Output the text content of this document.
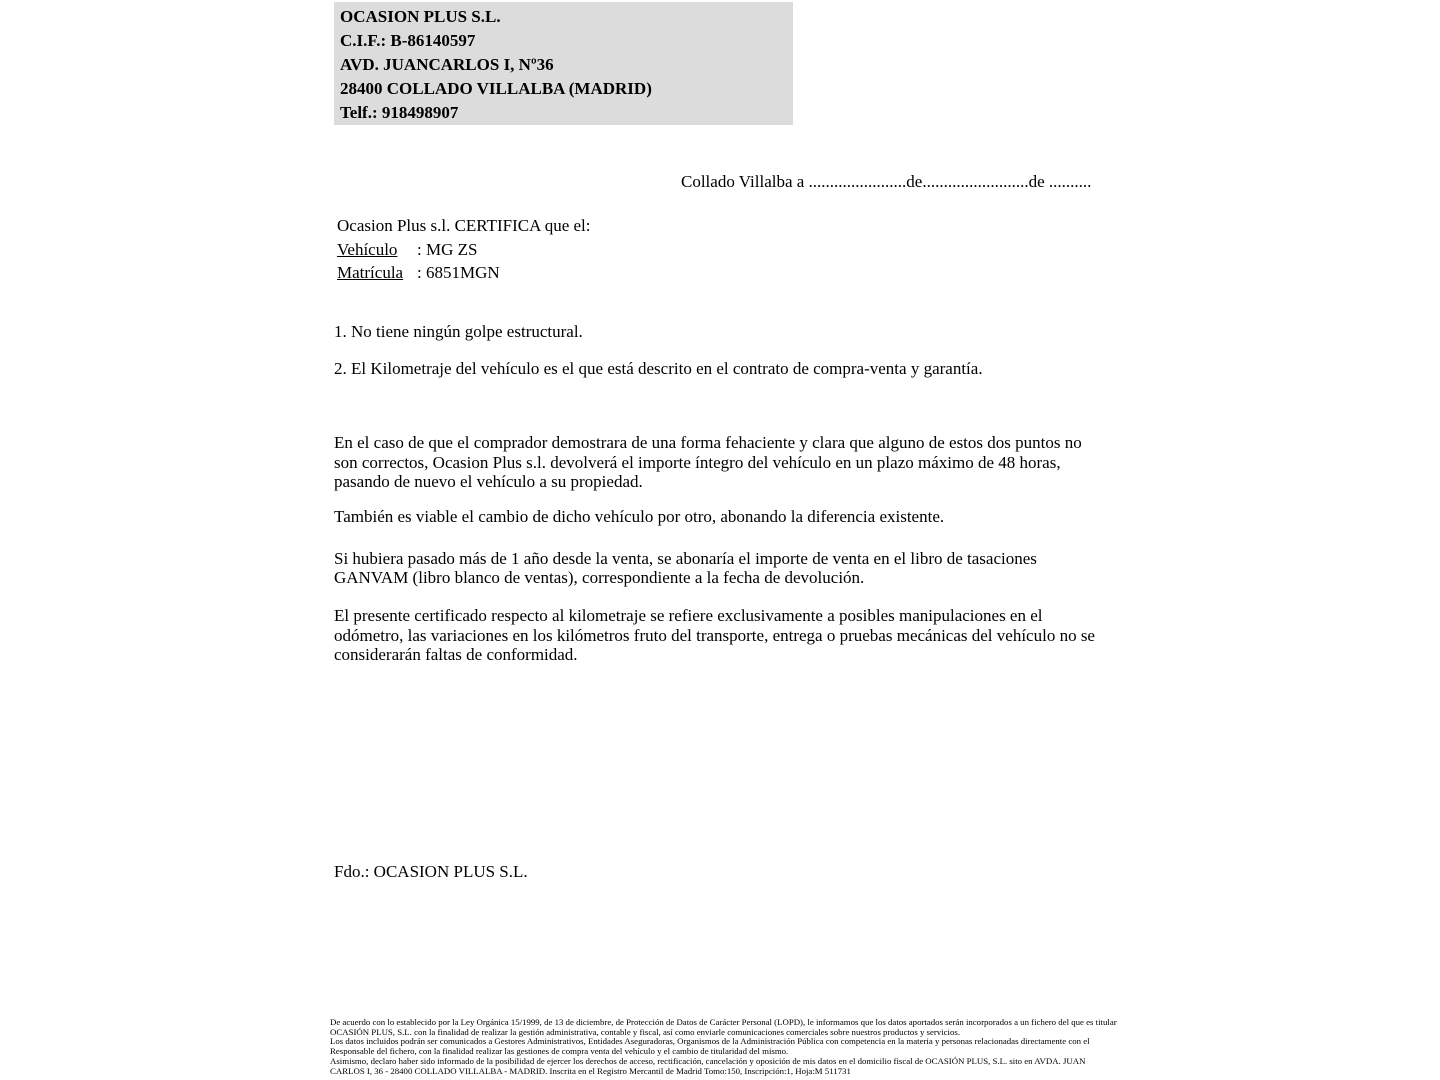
OCASION PLUS S.L.
C.I.F.: B-86140597
AVD. JUANCARLOS I, Nº36
28400 COLLADO VILLALBA (MADRID)
Telf.: 918498907
Collado Villalba a .......................de.........................de ..........
Ocasion Plus s.l. CERTIFICA que el:
Vehículo : MG ZS
Matrícula : 6851MGN

1. No tiene ningún golpe estructural.

2. El Kilometraje del vehículo es el que está descrito en el contrato de compra-venta y garantía.

En el caso de que el comprador demostrara de una forma fehaciente y clara que alguno de estos dos puntos no son correctos, Ocasion Plus s.l. devolverá el importe íntegro del vehículo en un plazo máximo de 48 horas, pasando de nuevo el vehículo a su propiedad.

También es viable el cambio de dicho vehículo por otro, abonando la diferencia existente.

Si hubiera pasado más de 1 año desde la venta, se abonaría el importe de venta en el libro de tasaciones GANVAM (libro blanco de ventas), correspondiente a la fecha de devolución.

El presente certificado respecto al kilometraje se refiere exclusivamente a posibles manipulaciones en el odómetro, las variaciones en los kilómetros fruto del transporte, entrega o pruebas mecánicas del vehículo no se considerarán faltas de conformidad.

Fdo.: OCASION PLUS S.L.
De acuerdo con lo establecido por la Ley Orgánica 15/1999, de 13 de diciembre, de Protección de Datos de Carácter Personal (LOPD), le informamos que los datos aportados serán incorporados a un fichero del que es titular
OCASIÓN PLUS, S.L. con la finalidad de realizar la gestión administrativa, contable y fiscal, así como enviarle comunicaciones comerciales sobre nuestros productos y servicios.
Los datos incluidos podrán ser comunicados a Gestores Administrativos, Entidades Aseguradoras, Organismos de la Administración Pública con competencia en la materia y personas relacionadas directamente con el
Responsable del fichero, con la finalidad realizar las gestiones de compra venta del vehículo y el cambio de titularidad del mismo.
Asimismo, declaro haber sido informado de la posibilidad de ejercer los derechos de acceso, rectificación, cancelación y oposición de mis datos en el domicilio fiscal de OCASIÓN PLUS, S.L. sito en AVDA. JUAN
CARLOS I, 36 - 28400 COLLADO VILLALBA - MADRID. Inscrita en el Registro Mercantil de Madrid Tomo:150, Inscripción:1, Hoja:M 511731
